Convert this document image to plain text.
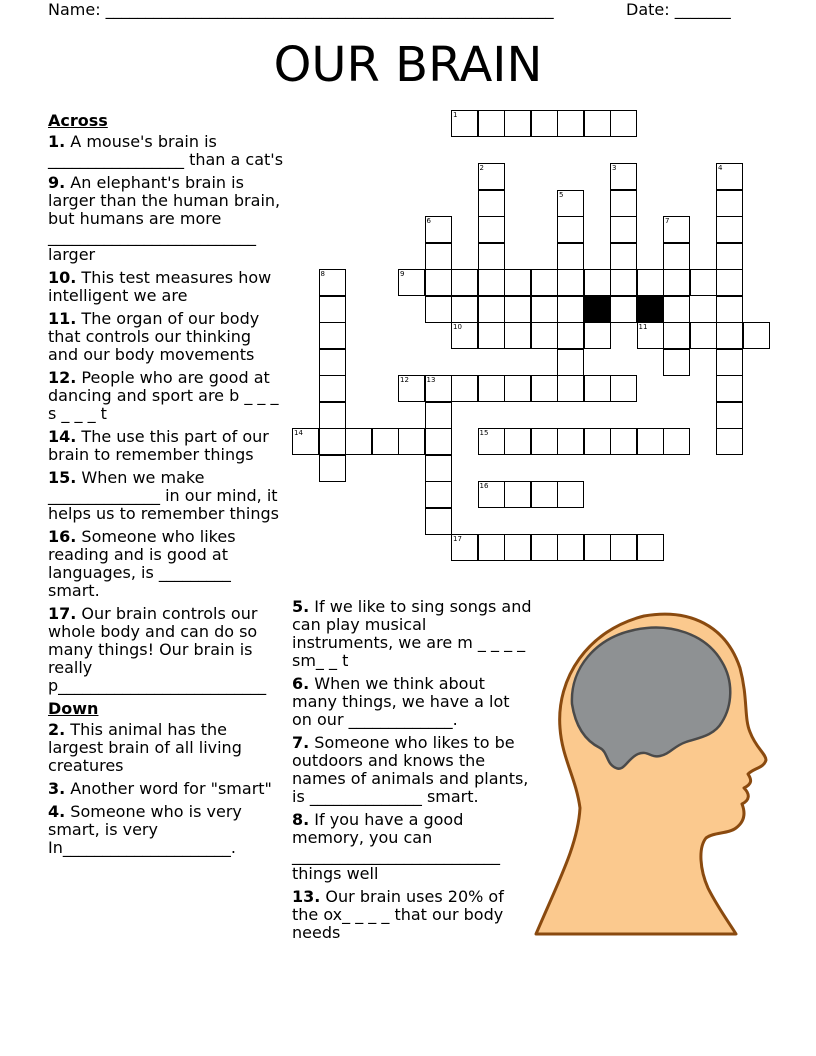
Name: ________________________________________________________	Date: _______
OUR BRAIN
Across
1. A mouse's brain is _________________ than a cat's
9. An elephant's brain is larger than the human brain, but humans are more __________________________ larger
10. This test measures how intelligent we are
11. The organ of our body that controls our thinking and our body movements
12. People who are good at dancing and sport are b _ _ _ s _ _ _ t
14. The use this part of our brain to remember things
15. When we make ______________ in our mind, it helps us to remember things
16. Someone who likes reading and is good at languages, is _________ smart.
17. Our brain controls our whole body and can do so many things! Our brain is really p__________________________
Down
2. This animal has the largest brain of all living creatures
3. Another word for "smart"
4. Someone who is very smart, is very In_____________________.
5. If we like to sing songs and can play musical instruments, we are m _ _ _ _ sm_ _ t
6. When we think about many things, we have a lot on our _____________.
7. Someone who likes to be outdoors and knows the names of animals and plants, is ______________ smart.
8. If you have a good memory, you can __________________________ things well
13. Our brain uses 20% of the ox_ _ _ _ that our body needs
1
2	3	4
5
6	7
8	9
10	11
12	13
14	15
16
17
